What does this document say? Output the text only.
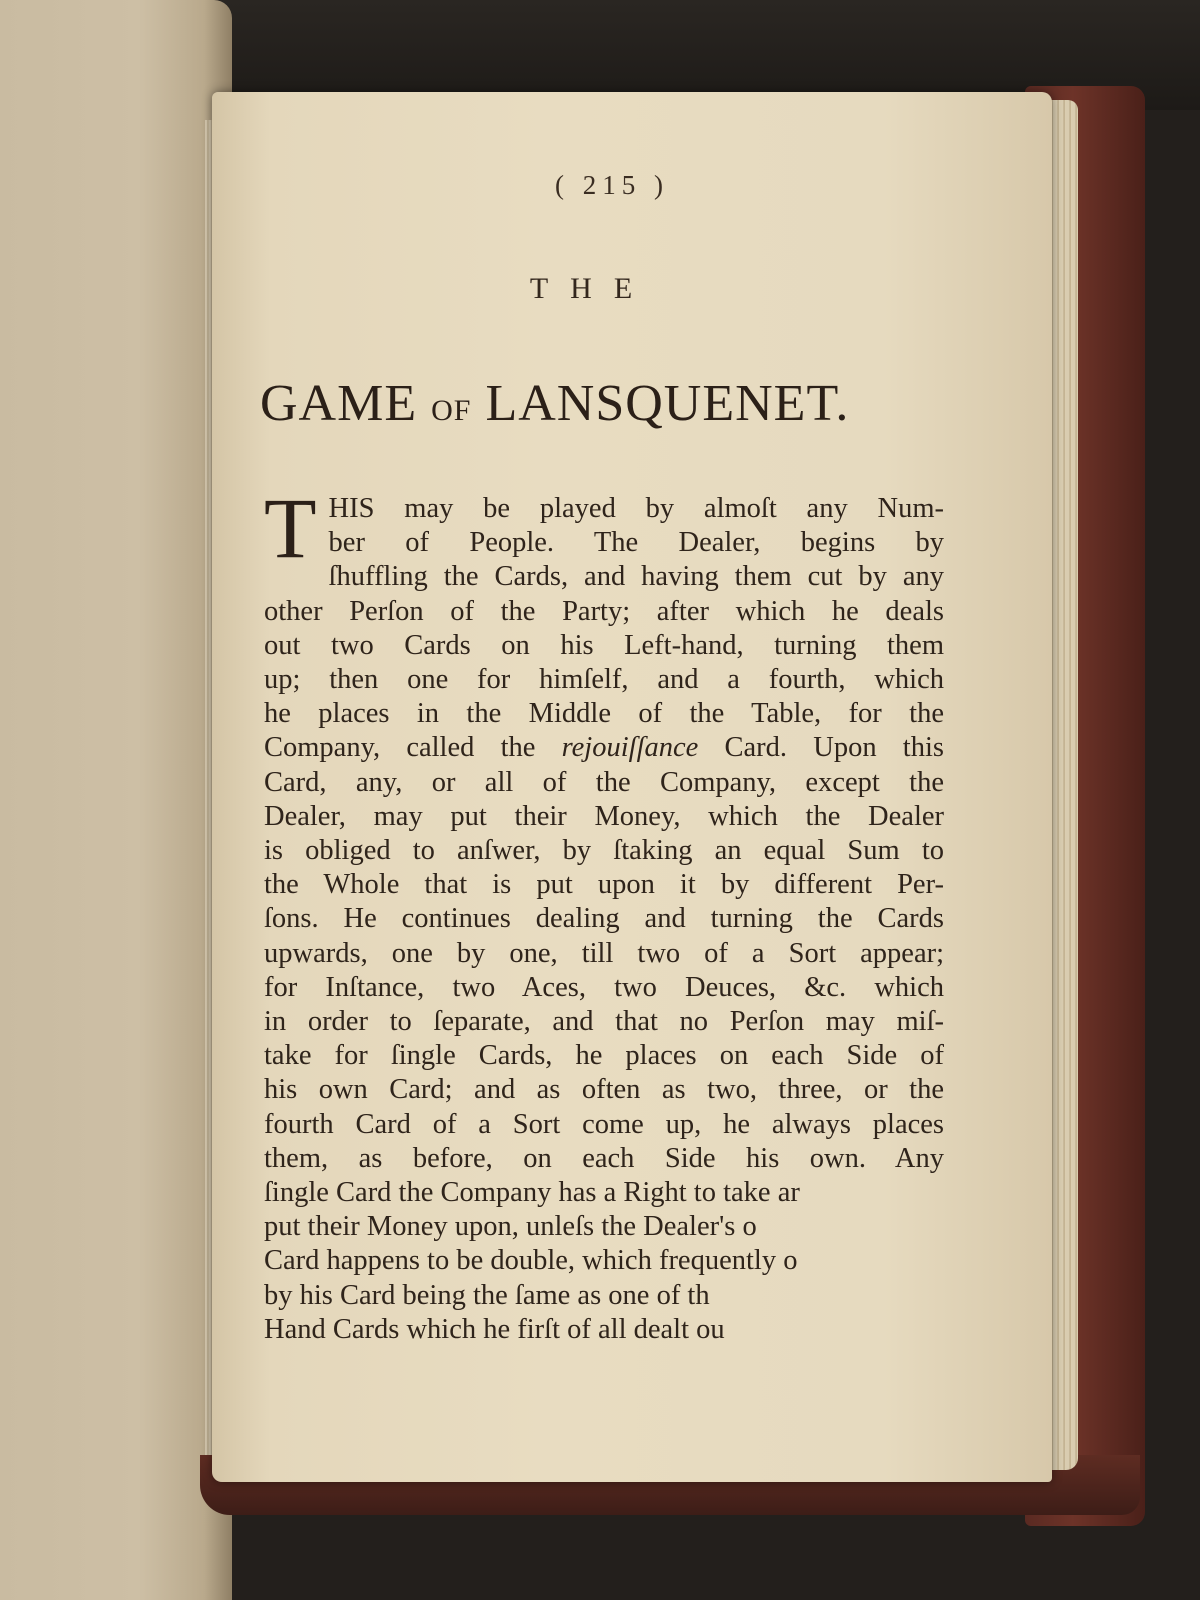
( 215 )
THE
GAME OF LANSQUENET.
T HIS may be played by almoſt any Num-
ber of People. The Dealer, begins by
ſhuffling the Cards, and having them cut by any
other Perſon of the Party; after which he deals
out two Cards on his Left-hand, turning them
up; then one for himſelf, and a fourth, which
he places in the Middle of the Table, for the
Company, called the rejouiſſance Card. Upon this
Card, any, or all of the Company, except the
Dealer, may put their Money, which the Dealer
is obliged to anſwer, by ſtaking an equal Sum to
the Whole that is put upon it by different Per-
ſons. He continues dealing and turning the Cards
upwards, one by one, till two of a Sort appear;
for Inſtance, two Aces, two Deuces, &c. which
in order to ſeparate, and that no Perſon may miſ-
take for ſingle Cards, he places on each Side of
his own Card; and as often as two, three, or the
fourth Card of a Sort come up, he always places
them, as before, on each Side his own. Any
ſingle Card the Company has a Right to take ar
put their Money upon, unleſs the Dealer's o
Card happens to be double, which frequently o
by his Card being the ſame as one of th
Hand Cards which he firſt of all dealt ou
